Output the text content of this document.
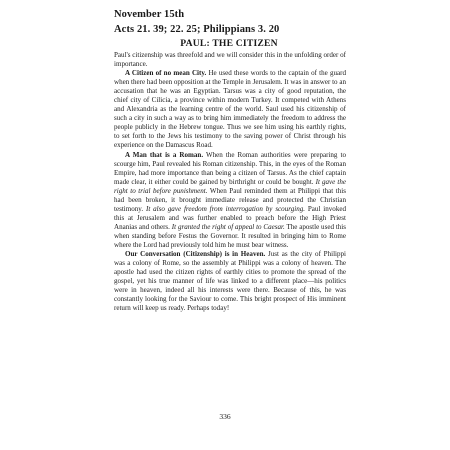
November 15th
Acts 21. 39; 22. 25; Philippians 3. 20
PAUL: THE CITIZEN

Paul's citizenship was threefold and we will consider this in the unfolding order of importance.

A Citizen of no mean City. He used these words to the captain of the guard when there had been opposition at the Temple in Jerusalem. It was in answer to an accusation that he was an Egyptian. Tarsus was a city of good reputation, the chief city of Cilicia, a province within modern Turkey. It competed with Athens and Alexandria as the learning centre of the world. Saul used his citizenship of such a city in such a way as to bring him immediately the freedom to address the people publicly in the Hebrew tongue. Thus we see him using his earthly rights, to set forth to the Jews his testimony to the saving power of Christ through his experience on the Damascus Road.

A Man that is a Roman. When the Roman authorities were preparing to scourge him, Paul revealed his Roman citizenship. This, in the eyes of the Roman Empire, had more importance than being a citizen of Tarsus. As the chief captain made clear, it either could be gained by birthright or could be bought. It gave the right to trial before punishment. When Paul reminded them at Philippi that this had been broken, it brought immediate release and protected the Christian testimony. It also gave freedom from interrogation by scourging. Paul invoked this at Jerusalem and was further enabled to preach before the High Priest Ananias and others. It granted the right of appeal to Caesar. The apostle used this when standing before Festus the Governor. It resulted in bringing him to Rome where the Lord had previously told him he must bear witness.

Our Conversation (Citizenship) is in Heaven. Just as the city of Philippi was a colony of Rome, so the assembly at Philippi was a colony of heaven. The apostle had used the citizen rights of earthly cities to promote the spread of the gospel, yet his true manner of life was linked to a different place—his politics were in heaven, indeed all his interests were there. Because of this, he was constantly looking for the Saviour to come. This bright prospect of His imminent return will keep us ready. Perhaps today!

336
